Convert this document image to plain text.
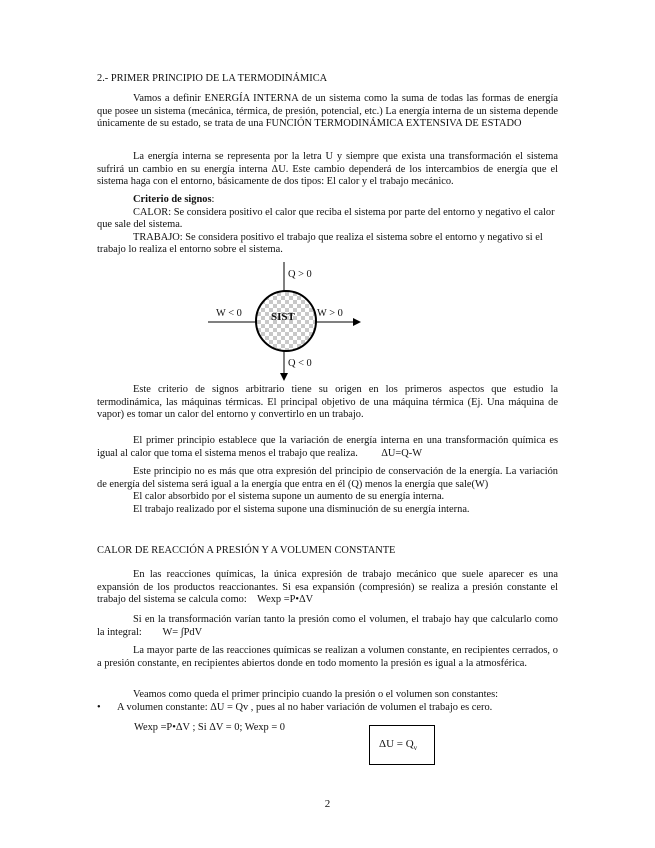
2.- PRIMER PRINCIPIO DE LA TERMODINÁMICA

Vamos a definir ENERGÍA INTERNA de un sistema como la suma de todas las formas de energía que posee un sistema (mecánica, térmica, de presión, potencial, etc.) La energía interna de un sistema depende únicamente de su estado, se trata de una FUNCIÓN TERMODINÁMICA EXTENSIVA DE ESTADO

La energía interna se representa por la letra U y siempre que exista una transformación el sistema sufrirá un cambio en su energía interna ΔU. Este cambio dependerá de los intercambios de energía que el sistema haga con el entorno, básicamente de dos tipos: El calor y el trabajo mecánico.

Criterio de signos:

CALOR: Se considera positivo el calor que reciba el sistema por parte del entorno y negativo el calor que sale del sistema.

TRABAJO: Se considera positivo el trabajo que realiza el sistema sobre el entorno y negativo si el trabajo lo realiza el entorno sobre el sistema.

SIST
Q > 0
Q < 0
W < 0	W > 0

Este criterio de signos arbitrario tiene su origen en los primeros aspectos que estudio la termodinámica, las máquinas térmicas. El principal objetivo de una máquina térmica (Ej. Una máquina de vapor) es tomar un calor del entorno y convertirlo en un trabajo.

El primer principio establece que la variación de energía interna en una transformación química es igual al calor que toma el sistema menos el trabajo que realiza. ΔU=Q-W

Este principio no es más que otra expresión del principio de conservación de la energía. La variación de energía del sistema será igual a la energía que entra en él (Q) menos la energía que sale(W)

El calor absorbido por el sistema supone un aumento de su energía interna.

El trabajo realizado por el sistema supone una disminución de su energía interna.

CALOR DE REACCIÓN A PRESIÓN Y A VOLUMEN CONSTANTE

En las reacciones químicas, la única expresión de trabajo mecánico que suele aparecer es una expansión de los productos reaccionantes. Si esa expansión (compresión) se realiza a presión constante el trabajo del sistema se calcula como: Wexp =P•ΔV

Si en la transformación varían tanto la presión como el volumen, el trabajo hay que calcularlo como la integral: W= ∫PdV

La mayor parte de las reacciones químicas se realizan a volumen constante, en recipientes cerrados, o a presión constante, en recipientes abiertos donde en todo momento la presión es igual a la atmosférica.

Veamos como queda el primer principio cuando la presión o el volumen son constantes:

• A volumen constante: ΔU = Qv , pues al no haber variación de volumen el trabajo es cero.
Wexp =P•ΔV ; Si ΔV = 0; Wexp = 0
$\Delta U = Q_v$
2
